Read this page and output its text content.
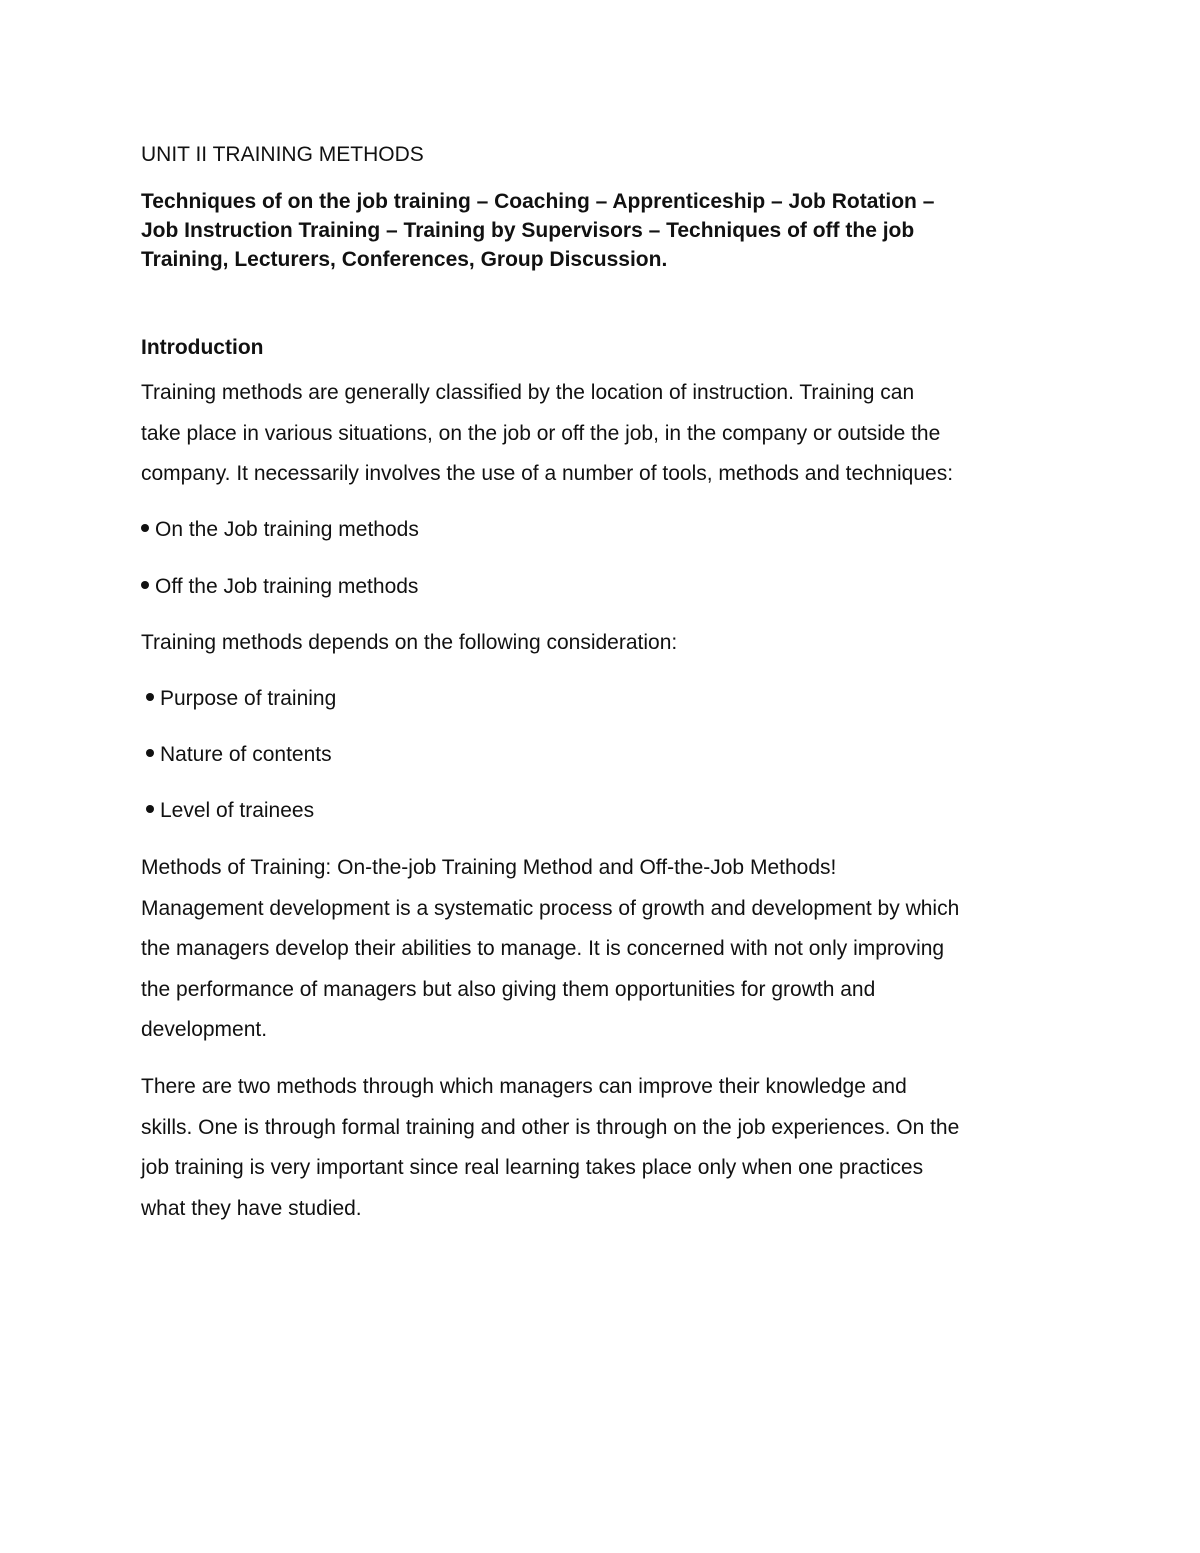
UNIT II TRAINING METHODS

Techniques of on the job training – Coaching – Apprenticeship – Job Rotation –
Job Instruction Training – Training by Supervisors – Techniques of off the job
Training, Lecturers, Conferences, Group Discussion.

Introduction

Training methods are generally classified by the location of instruction. Training can
take place in various situations, on the job or off the job, in the company or outside the
company. It necessarily involves the use of a number of tools, methods and techniques:

On the Job training methods

Off the Job training methods

Training methods depends on the following consideration:

Purpose of training

Nature of contents

Level of trainees

Methods of Training: On-the-job Training Method and Off-the-Job Methods!
Management development is a systematic process of growth and development by which
the managers develop their abilities to manage. It is concerned with not only improving
the performance of managers but also giving them opportunities for growth and
development.

There are two methods through which managers can improve their knowledge and
skills. One is through formal training and other is through on the job experiences. On the
job training is very important since real learning takes place only when one practices
what they have studied.
